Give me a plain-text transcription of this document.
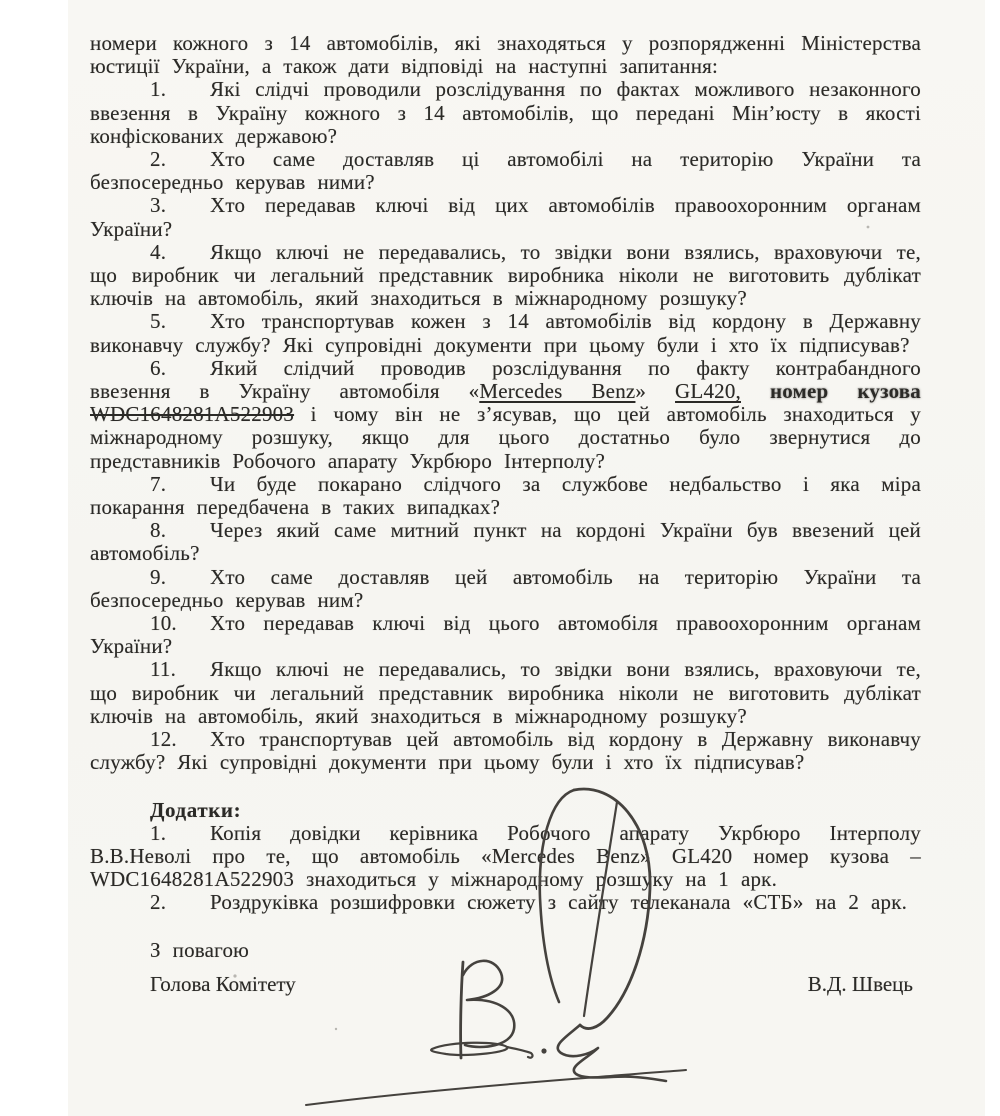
номери кожного з 14 автомобілів, які знаходяться у розпорядженні Міністерства юстиції України, а також дати відповіді на наступні запитання:

1. Які слідчі проводили розслідування по фактах можливого незаконного ввезення в Україну кожного з 14 автомобілів, що передані Мін’юсту в якості конфіскованих державою?

2. Хто саме доставляв ці автомобілі на територію України та безпосередньо керував ними?

3. Хто передавав ключі від цих автомобілів правоохоронним органам України?

4. Якщо ключі не передавались, то звідки вони взялись, враховуючи те, що виробник чи легальний представник виробника ніколи не виготовить дублікат ключів на автомобіль, який знаходиться в міжнародному розшуку?

5. Хто транспортував кожен з 14 автомобілів від кордону в Державну виконавчу службу? Які супровідні документи при цьому були і хто їх підписував?

6. Який слідчий проводив розслідування по факту контрабандного ввезення в Україну автомобіля «Mercedes Benz» GL420, номер кузова WDC1648281A522903 і чому він не з’ясував, що цей автомобіль знаходиться у міжнародному розшуку, якщо для цього достатньо було звернутися до представників Робочого апарату Укрбюро Інтерполу?

7. Чи буде покарано слідчого за службове недбальство і яка міра покарання передбачена в таких випадках?

8. Через який саме митний пункт на кордоні України був ввезений цей автомобіль?

9. Хто саме доставляв цей автомобіль на територію України та безпосередньо керував ним?

10. Хто передавав ключі від цього автомобіля правоохоронним органам України?

11. Якщо ключі не передавались, то звідки вони взялись, враховуючи те, що виробник чи легальний представник виробника ніколи не виготовить дублікат ключів на автомобіль, який знаходиться в міжнародному розшуку?

12. Хто транспортував цей автомобіль від кордону в Державну виконавчу службу? Які супровідні документи при цьому були і хто їх підписував?

Додатки:

1. Копія довідки керівника Робочого апарату Укрбюро Інтерполу В.В.Неволі про те, що автомобіль «Mercedes Benz» GL420 номер кузова – WDC1648281A522903 знаходиться у міжнародному розшуку на 1 арк.

2. Роздруківка розшифровки сюжету з сайту телеканала «СТБ» на 2 арк.

З повагою

Голова Комітету	В.Д. Швець
